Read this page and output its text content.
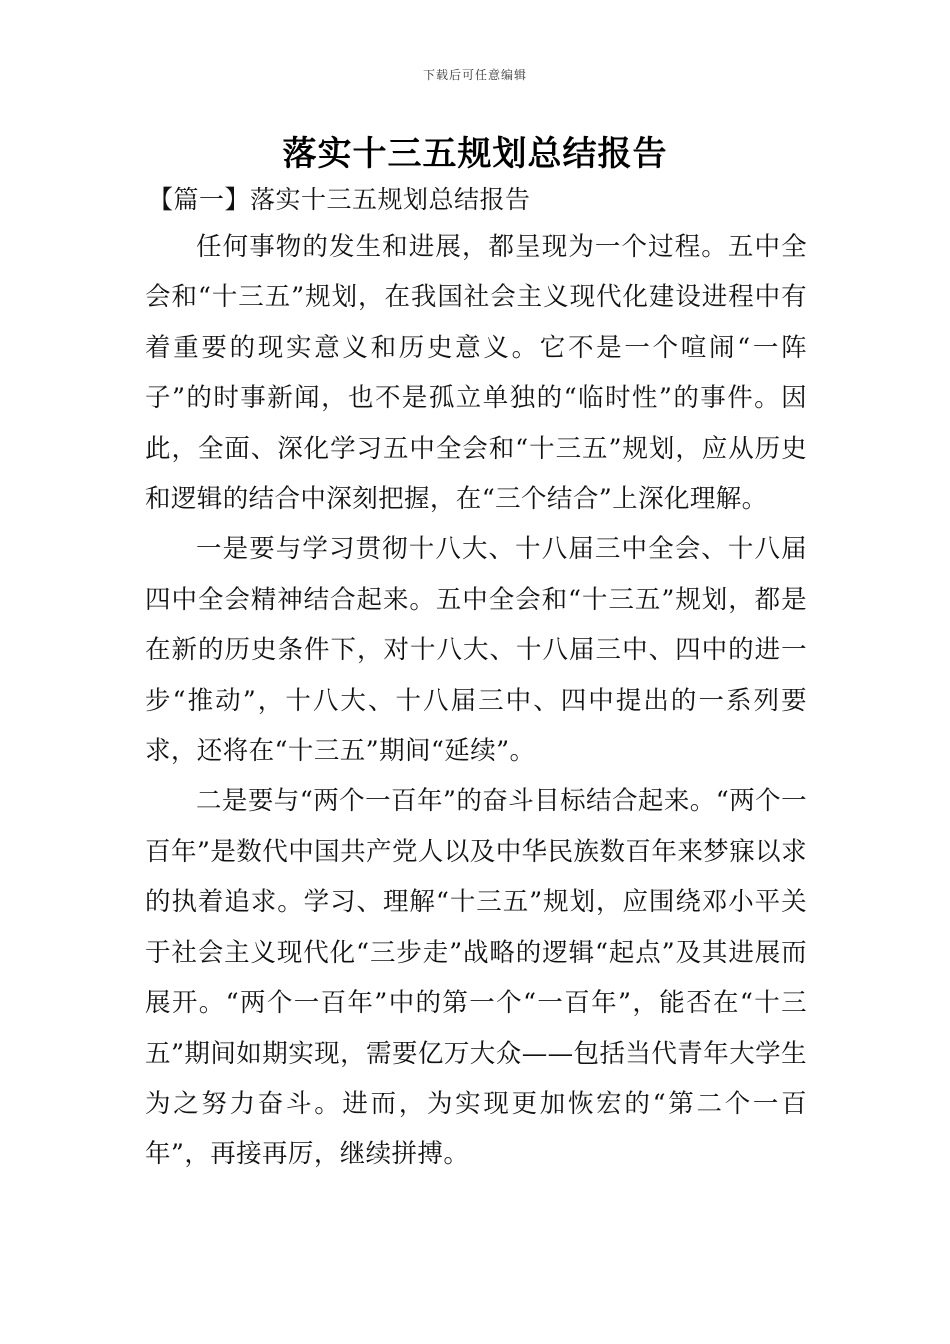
下载后可任意编辑
落实十三五规划总结报告
【篇一】落实十三五规划总结报告

任何事物的发生和进展，都呈现为一个过程。五中全会和“十三五”规划，在我国社会主义现代化建设进程中有着重要的现实意义和历史意义。它不是一个喧闹“一阵子”的时事新闻，也不是孤立单独的“临时性”的事件。因此，全面、深化学习五中全会和“十三五”规划，应从历史和逻辑的结合中深刻把握，在“三个结合”上深化理解。

一是要与学习贯彻十八大、十八届三中全会、十八届四中全会精神结合起来。五中全会和“十三五”规划，都是在新的历史条件下，对十八大、十八届三中、四中的进一步“推动”，十八大、十八届三中、四中提出的一系列要求，还将在“十三五”期间“延续”。

二是要与“两个一百年”的奋斗目标结合起来。“两个一百年”是数代中国共产党人以及中华民族数百年来梦寐以求的执着追求。学习、理解“十三五”规划，应围绕邓小平关于社会主义现代化“三步走”战略的逻辑“起点”及其进展而展开。“两个一百年”中的第一个“一百年”，能否在“十三五”期间如期实现，需要亿万大众——包括当代青年大学生为之努力奋斗。进而，为实现更加恢宏的“第二个一百年”，再接再厉，继续拼搏。
